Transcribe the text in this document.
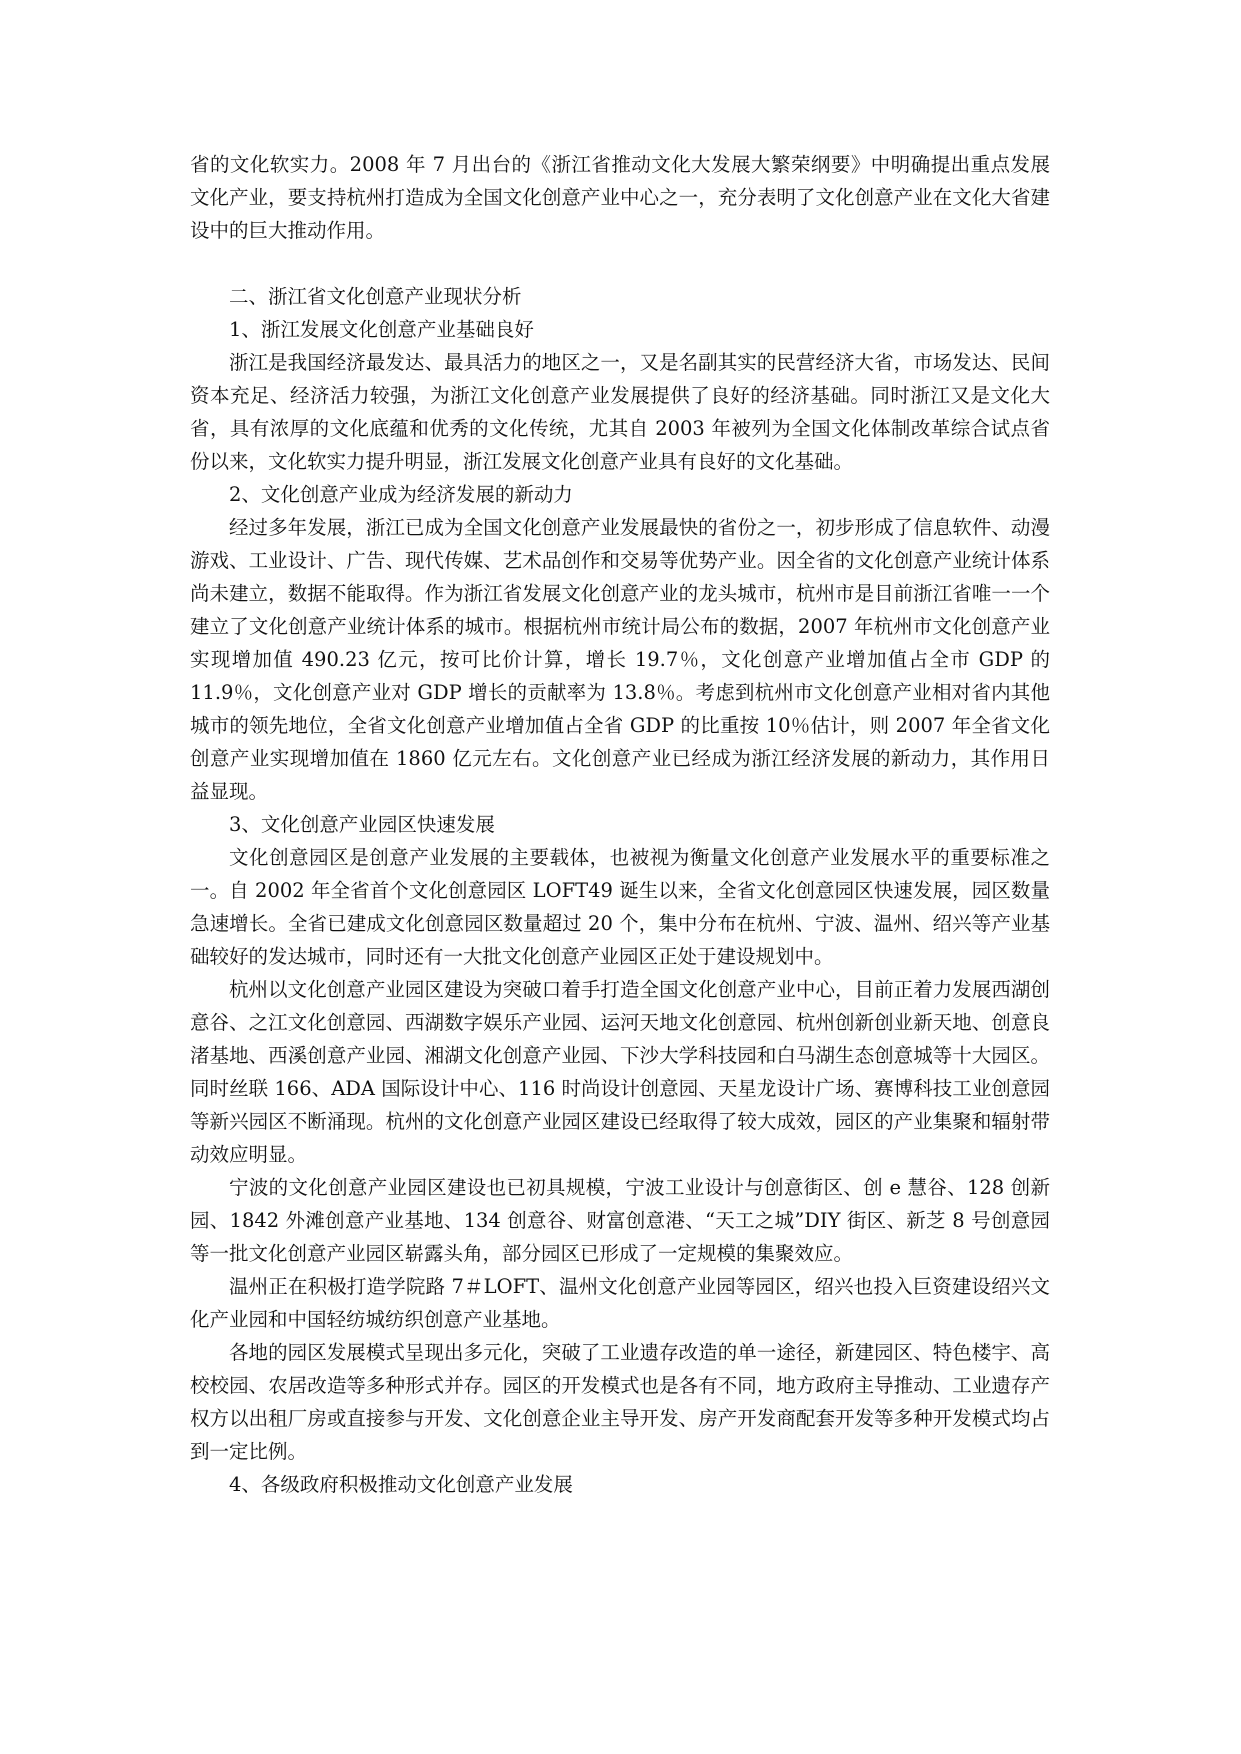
省的文化软实力。2008 年 7 月出台的《浙江省推动文化大发展大繁荣纲要》中明确提出重点发展文化产业，要支持杭州打造成为全国文化创意产业中心之一，充分表明了文化创意产业在文化大省建设中的巨大推动作用。

二、浙江省文化创意产业现状分析

1、浙江发展文化创意产业基础良好

浙江是我国经济最发达、最具活力的地区之一，又是名副其实的民营经济大省，市场发达、民间资本充足、经济活力较强，为浙江文化创意产业发展提供了良好的经济基础。同时浙江又是文化大省，具有浓厚的文化底蕴和优秀的文化传统，尤其自 2003 年被列为全国文化体制改革综合试点省份以来，文化软实力提升明显，浙江发展文化创意产业具有良好的文化基础。

2、文化创意产业成为经济发展的新动力

经过多年发展，浙江已成为全国文化创意产业发展最快的省份之一，初步形成了信息软件、动漫游戏、工业设计、广告、现代传媒、艺术品创作和交易等优势产业。因全省的文化创意产业统计体系尚未建立，数据不能取得。作为浙江省发展文化创意产业的龙头城市，杭州市是目前浙江省唯一一个建立了文化创意产业统计体系的城市。根据杭州市统计局公布的数据，2007 年杭州市文化创意产业实现增加值 490.23 亿元，按可比价计算，增长 19.7％，文化创意产业增加值占全市 GDP 的 11.9％，文化创意产业对 GDP 增长的贡献率为 13.8％。考虑到杭州市文化创意产业相对省内其他城市的领先地位，全省文化创意产业增加值占全省 GDP 的比重按 10％估计，则 2007 年全省文化创意产业实现增加值在 1860 亿元左右。文化创意产业已经成为浙江经济发展的新动力，其作用日益显现。

3、文化创意产业园区快速发展

文化创意园区是创意产业发展的主要载体，也被视为衡量文化创意产业发展水平的重要标准之一。自 2002 年全省首个文化创意园区 LOFT49 诞生以来，全省文化创意园区快速发展，园区数量急速增长。全省已建成文化创意园区数量超过 20 个，集中分布在杭州、宁波、温州、绍兴等产业基础较好的发达城市，同时还有一大批文化创意产业园区正处于建设规划中。

杭州以文化创意产业园区建设为突破口着手打造全国文化创意产业中心，目前正着力发展西湖创意谷、之江文化创意园、西湖数字娱乐产业园、运河天地文化创意园、杭州创新创业新天地、创意良渚基地、西溪创意产业园、湘湖文化创意产业园、下沙大学科技园和白马湖生态创意城等十大园区。同时丝联 166、ADA 国际设计中心、116 时尚设计创意园、天星龙设计广场、赛博科技工业创意园等新兴园区不断涌现。杭州的文化创意产业园区建设已经取得了较大成效，园区的产业集聚和辐射带动效应明显。

宁波的文化创意产业园区建设也已初具规模，宁波工业设计与创意街区、创 e 慧谷、128 创新园、1842 外滩创意产业基地、134 创意谷、财富创意港、“天工之城”DIY 街区、新芝 8 号创意园等一批文化创意产业园区崭露头角，部分园区已形成了一定规模的集聚效应。

温州正在积极打造学院路 7＃LOFT、温州文化创意产业园等园区，绍兴也投入巨资建设绍兴文化产业园和中国轻纺城纺织创意产业基地。

各地的园区发展模式呈现出多元化，突破了工业遗存改造的单一途径，新建园区、特色楼宇、高校校园、农居改造等多种形式并存。园区的开发模式也是各有不同，地方政府主导推动、工业遗存产权方以出租厂房或直接参与开发、文化创意企业主导开发、房产开发商配套开发等多种开发模式均占到一定比例。

4、各级政府积极推动文化创意产业发展
